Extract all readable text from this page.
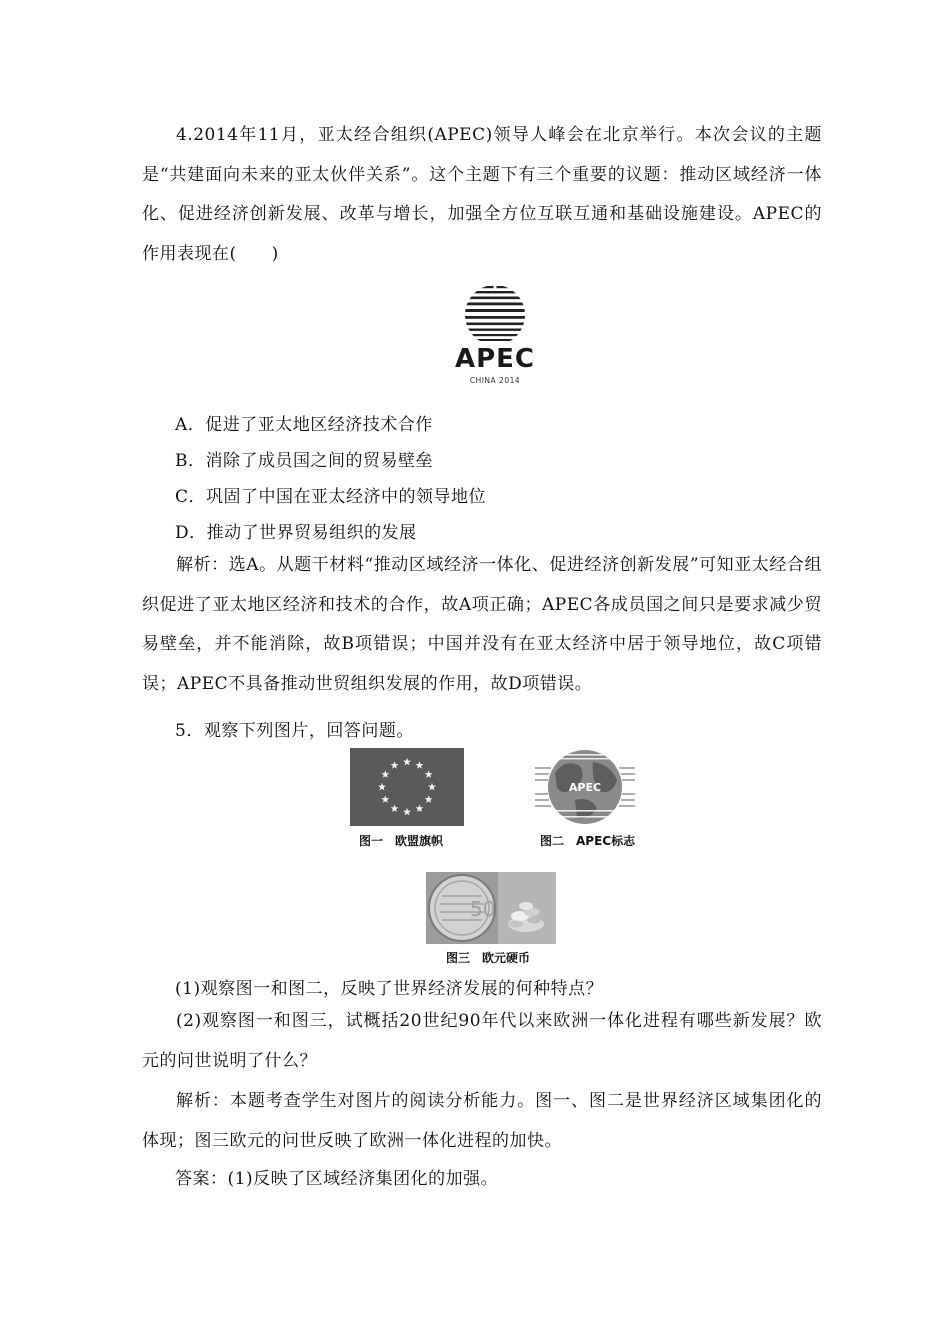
4.2014年11月，亚太经合组织(APEC)领导人峰会在北京举行。本次会议的主题是“共建面向未来的亚太伙伴关系”。这个主题下有三个重要的议题：推动区域经济一体化、促进经济创新发展、改革与增长，加强全方位互联互通和基础设施建设。APEC的作用表现在(　　)
APEC
CHINA 2014
A．促进了亚太地区经济技术合作
B．消除了成员国之间的贸易壁垒
C．巩固了中国在亚太经济中的领导地位
D．推动了世界贸易组织的发展
解析：选A。从题干材料“推动区域经济一体化、促进经济创新发展”可知亚太经合组织促进了亚太地区经济和技术的合作，故A项正确；APEC各成员国之间只是要求减少贸易壁垒，并不能消除，故B项错误；中国并没有在亚太经济中居于领导地位，故C项错误；APEC不具备推动世贸组织发展的作用，故D项错误。
5．观察下列图片，回答问题。
图一　欧盟旗帜
APEC
图二　APEC标志
50
图三　欧元硬币
(1)观察图一和图二，反映了世界经济发展的何种特点？
(2)观察图一和图三，试概括20世纪90年代以来欧洲一体化进程有哪些新发展？欧元的问世说明了什么？
解析：本题考查学生对图片的阅读分析能力。图一、图二是世界经济区域集团化的体现；图三欧元的问世反映了欧洲一体化进程的加快。
答案：(1)反映了区域经济集团化的加强。
